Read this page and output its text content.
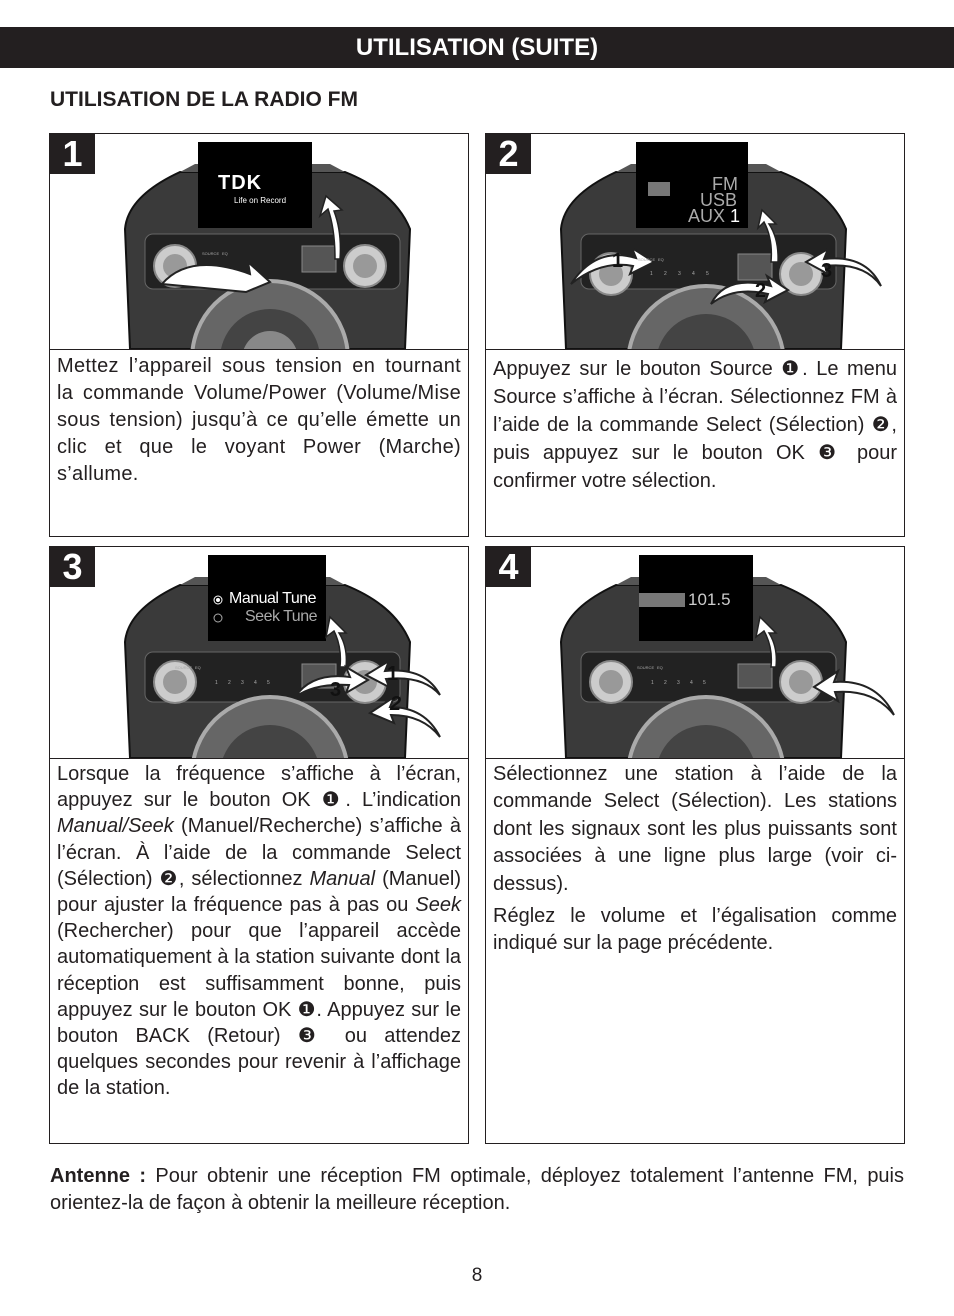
UTILISATION (SUITE)
UTILISATION DE LA RADIO FM
1
TDK
Life on Record
SOURCE EQ
Mettez l’appareil sous tension en tournant la commande Volume/Power (Volume/Mise sous tension) jusqu’à ce qu’elle émette un clic et que le voyant Power (Marche) s’allume.
2
FM
USB
AUX 1
1
2
3
SOURCE EQ
1 2 3 4 5
Appuyez sur le bouton Source ❶. Le menu Source s’affiche à l’écran. Sélectionnez FM à l’aide de la commande Select (Sélection) ❷, puis appuyez sur le bouton OK ❸ pour confirmer votre sélection.
3
Manual Tune
Seek Tune
1
2
3
SOURCE EQ
1 2 3 4 5
Lorsque la fréquence s’affiche à l’écran, appuyez sur le bouton OK ❶. L’indication Manual/Seek (Manuel/Recherche) s’affiche à l’écran. À l’aide de la commande Select (Sélection) ❷, sélectionnez Manual (Manuel) pour ajuster la fréquence pas à pas ou Seek (Rechercher) pour que l’appareil accède automatiquement à la station suivante dont la réception est suffisamment bonne, puis appuyez sur le bouton OK ❶. Appuyez sur le bouton BACK (Retour) ❸ ou attendez quelques secondes pour revenir à l’affichage de la station.
4
101.5
SOURCE EQ
1 2 3 4 5

Sélectionnez une station à l’aide de la commande Select (Sélection). Les stations dont les signaux sont les plus puissants sont associées à une ligne plus large (voir ci-dessus).

Réglez le volume et l’égalisation comme indiqué sur la page précédente.

Antenne : Pour obtenir une réception FM optimale, déployez totalement l’antenne FM, puis orientez-la de façon à obtenir la meilleure réception.
8
